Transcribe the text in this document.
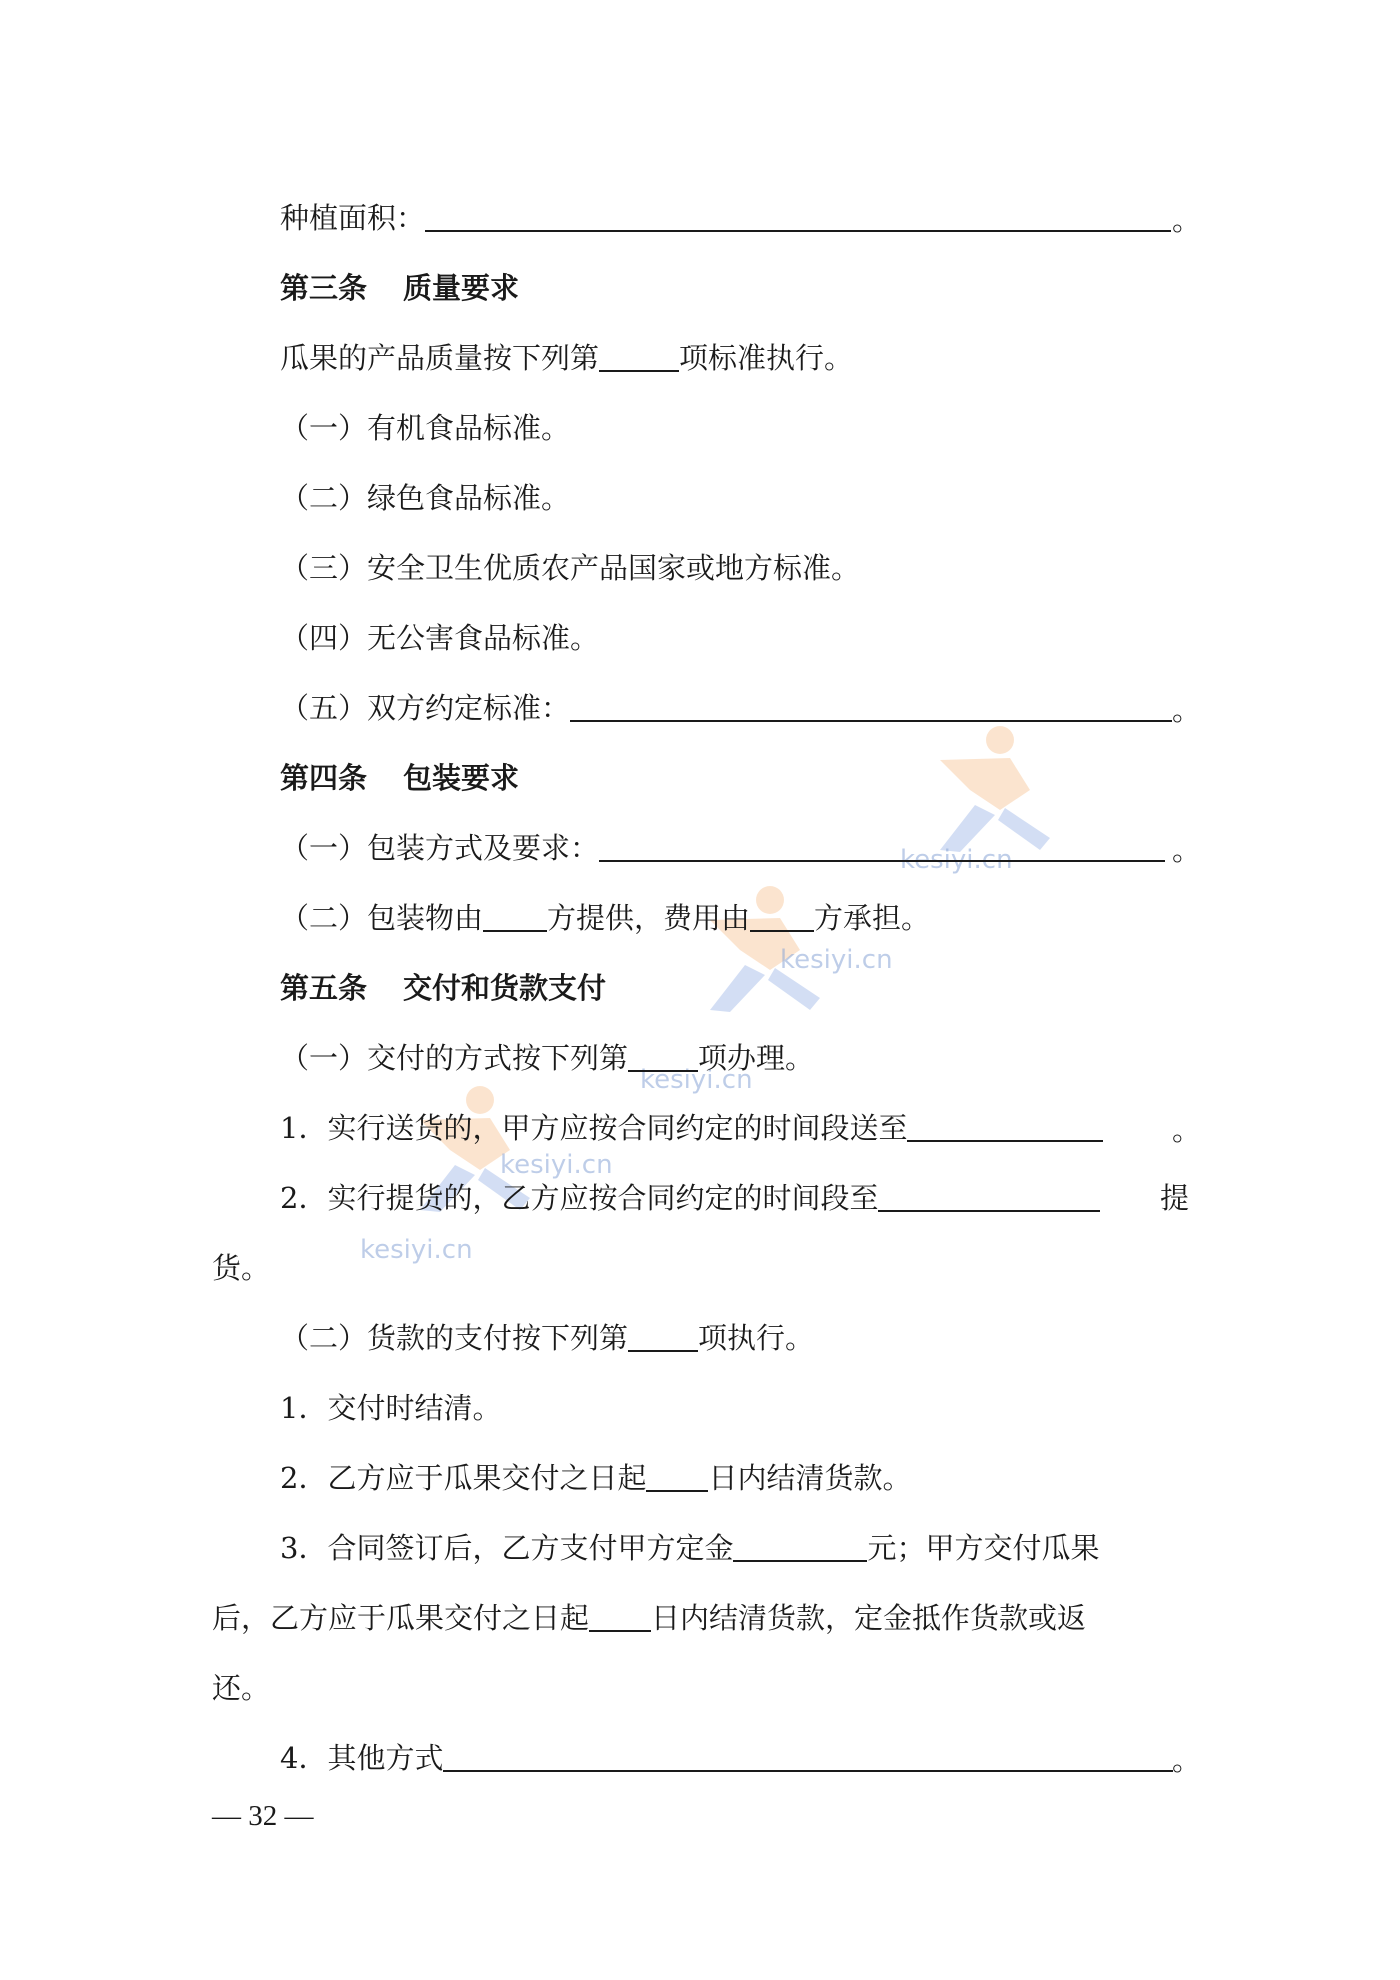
kesiyi.cn
kesiyi.cn
kesiyi.cn
kesiyi.cn
kesiyi.cn
种植面积：	。
第三条 质量要求
瓜果的产品质量按下列第	项标准执行。
（一）有机食品标准。
（二）绿色食品标准。
（三）安全卫生优质农产品国家或地方标准。
（四）无公害食品标准。
（五）双方约定标准：	。
第四条 包装要求
（一）包装方式及要求：	。
（二）包装物由 方提供，费用由 方承担。
第五条 交付和货款支付
（一）交付的方式按下列第 项办理。
1．实行送货的，甲方应按合同约定的时间段送至	。
2．实行提货的，乙方应按合同约定的时间段至	提
货。
（二）货款的支付按下列第 项执行。
1．交付时结清。
2．乙方应于瓜果交付之日起 日内结清货款。
3．合同签订后，乙方支付甲方定金	元；甲方交付瓜果
后，乙方应于瓜果交付之日起 日内结清货款，定金抵作货款或返
还。
4．其他方式	。
— 32 —
